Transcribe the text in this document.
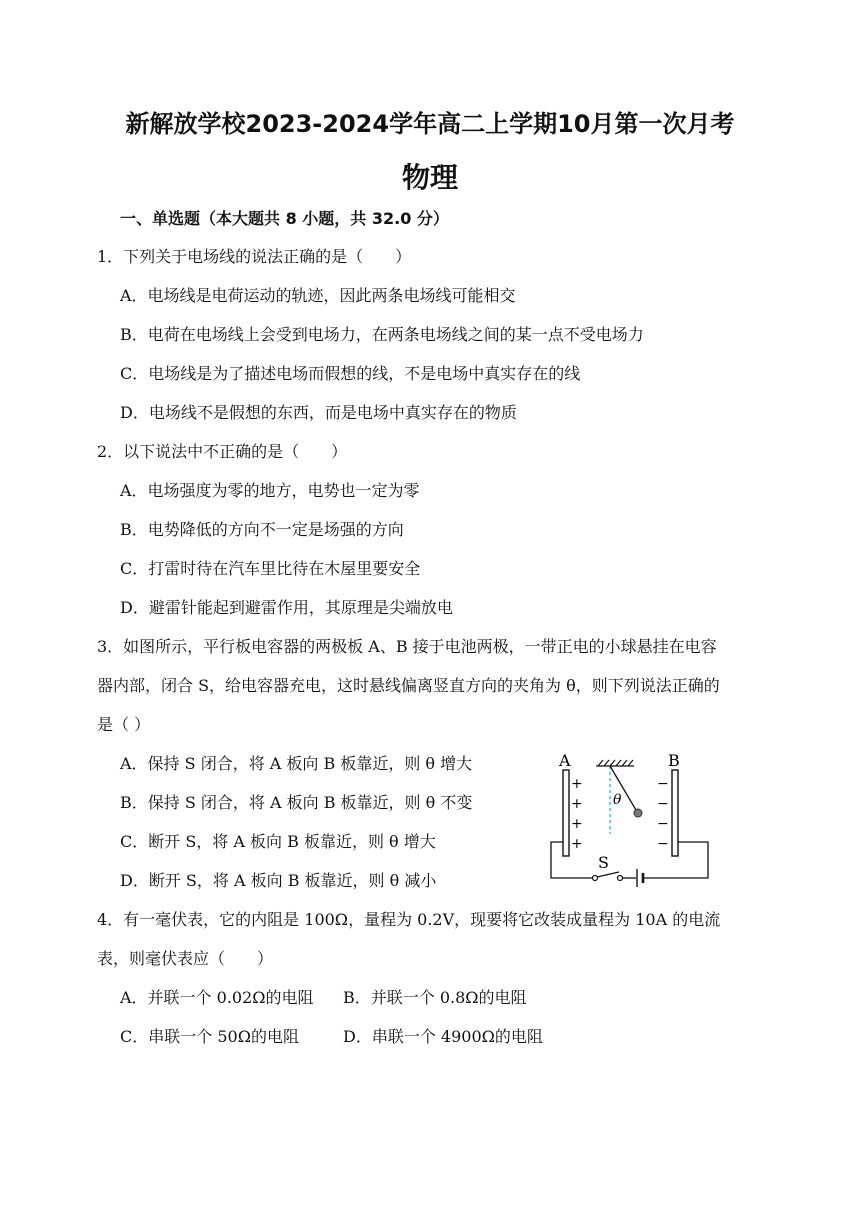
新解放学校2023-2024学年高二上学期10月第一次月考
物理
一、单选题（本大题共 8 小题，共 32.0 分）
1．下列关于电场线的说法正确的是（　　）
A．电场线是电荷运动的轨迹，因此两条电场线可能相交
B．电荷在电场线上会受到电场力，在两条电场线之间的某一点不受电场力
C．电场线是为了描述电场而假想的线，不是电场中真实存在的线
D．电场线不是假想的东西，而是电场中真实存在的物质
2．以下说法中不正确的是（　　）
A．电场强度为零的地方，电势也一定为零
B．电势降低的方向不一定是场强的方向
C．打雷时待在汽车里比待在木屋里要安全
D．避雷针能起到避雷作用，其原理是尖端放电
3．如图所示，平行板电容器的两极板 A、B 接于电池两极，一带正电的小球悬挂在电容
器内部，闭合 S，给电容器充电，这时悬线偏离竖直方向的夹角为 θ，则下列说法正确的
是（ ）
A．保持 S 闭合，将 A 板向 B 板靠近，则 θ 增大
B．保持 S 闭合，将 A 板向 B 板靠近，则 θ 不变
C．断开 S，将 A 板向 B 板靠近，则 θ 增大
D．断开 S，将 A 板向 B 板靠近，则 θ 减小
A	B
+
+
+
+
−
−
−
−
θ
S
4．有一毫伏表，它的内阻是 100Ω，量程为 0.2V，现要将它改装成量程为 10A 的电流
表，则毫伏表应（　　）
A．并联一个 0.02Ω的电阻 B．并联一个 0.8Ω的电阻
C．串联一个 50Ω的电阻	D．串联一个 4900Ω的电阻
